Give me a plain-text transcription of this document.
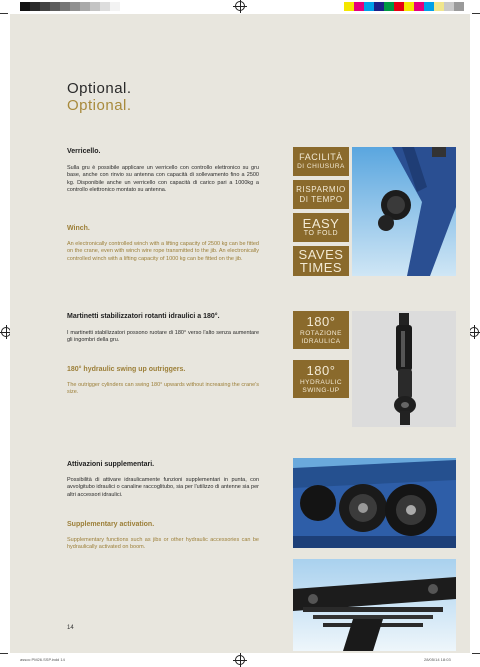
Optional.
Optional.
Verricello.
Sulla gru è possibile applicare un verricello con controllo elettronico su gru base, anche con rinvio su antenna con capacità di sollevamento fino a 2500 kg. Disponibile anche un verricello con capacità di carico pari a 1000kg a controllo elettronico montato su antenna.
Winch.
An electronically controlled winch with a lifting capacity of 2500 kg can be fitted on the crane, even with winch wire rope transmitted to the jib. An electronically controlled winch with a lifting capacity of 1000 kg can be fitted on the jib.
FACILITÀ
DI CHIUSURA
RISPARMIO
DI TEMPO
EASY
TO FOLD
SAVES
TIMES
Martinetti stabilizzatori rotanti idraulici a 180°.
I martinetti stabilizzatori possono ruotare di 180° verso l'alto senza aumentare gli ingombri della gru.
180° hydraulic swing up outriggers.
The outrigger cylinders can swing 180° upwards without increasing the crane's size.
180°
ROTAZIONE
IDRAULICA
180°
HYDRAULIC
SWING-UP
Attivazioni supplementari.
Possibilità di attivare idraulicamente funzioni supplementari in punta, con avvolgitubo idraulici o canaline raccoglitubo, sia per l'utilizzo di antenne sia per altri accessori idraulici.
Supplementary activation.
Supplementary functions such as jibs or other hydraulic accessories can be hydraulically activated on boom.
14
assoc PM26.SSP.indd 14	28/05/14 18:03
